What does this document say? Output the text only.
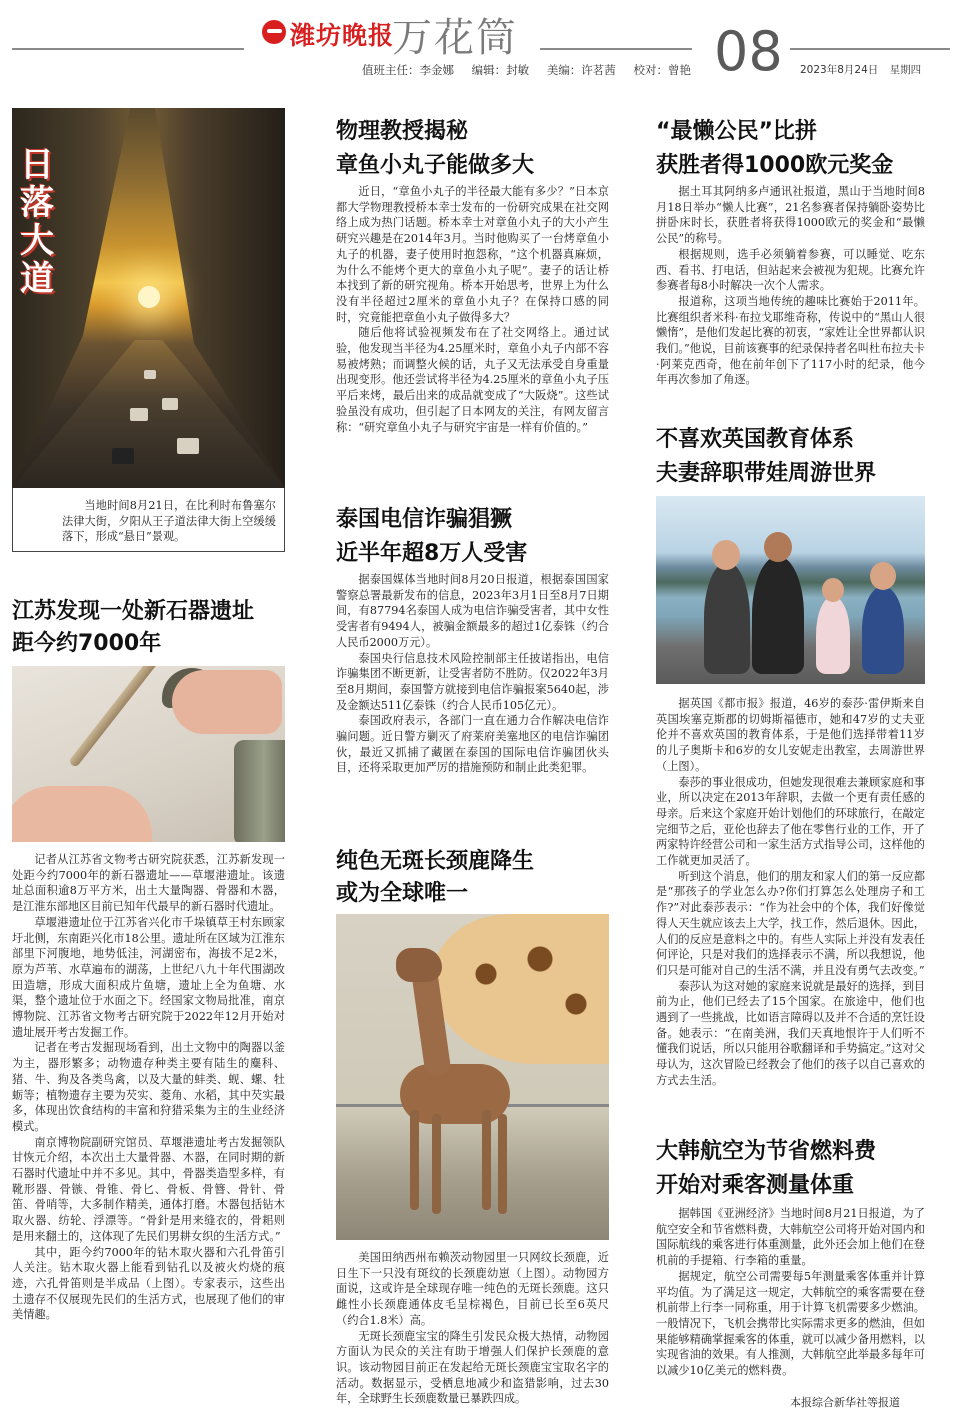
潍坊晚报
万花筒	08
值班主任：李金娜 编辑：封敏 美编：许茗茜 校对：曾艳	2023年8月24日 星期四
日落大道

当地时间8月21日，在比利时布鲁塞尔法律大街，夕阳从王子道法律大街上空缓缓落下，形成“悬日”景观。

江苏发现一处新石器遗址
距今约7000年

记者从江苏省文物考古研究院获悉，江苏新发现一处距今约7000年的新石器遗址——草堰港遗址。该遗址总面积逾8万平方米，出土大量陶器、骨器和木器，是江淮东部地区目前已知年代最早的新石器时代遗址。

草堰港遗址位于江苏省兴化市千垛镇草王村东顾家圩北侧，东南距兴化市18公里。遗址所在区域为江淮东部里下河腹地，地势低洼，河湖密布，海拔不足2米，原为芦苇、水草遍布的湖荡，上世纪八九十年代围湖改田造塘，形成大面积成片鱼塘，遗址上全为鱼塘、水渠，整个遗址位于水面之下。经国家文物局批准，南京博物院、江苏省文物考古研究院于2022年12月开始对遗址展开考古发掘工作。

记者在考古发掘现场看到，出土文物中的陶器以釜为主，器形繁多；动物遗存种类主要有陆生的麋科、猪、牛、狗及各类鸟禽，以及大量的蚌类、蚬、螺、牡蛎等；植物遗存主要为芡实、菱角、水稻，其中芡实最多，体现出饮食结构的丰富和狩猎采集为主的生业经济模式。

南京博物院副研究馆员、草堰港遗址考古发掘领队甘恢元介绍，本次出土大量骨器、木器，在同时期的新石器时代遗址中并不多见。其中，骨器类造型多样，有靴形器、骨镞、骨锥、骨匕、骨板、骨簪、骨针、骨笛、骨哨等，大多制作精美，通体打磨。木器包括钻木取火器、纺轮、浮漂等。“骨針是用来缝衣的，骨耜则是用来翻土的，这体现了先民们男耕女织的生活方式。”

其中，距今约7000年的钻木取火器和六孔骨笛引人关注。钻木取火器上能看到钻孔以及被火灼烧的痕迹，六孔骨笛则是半成品（上图）。专家表示，这些出土遗存不仅展现先民们的生活方式，也展现了他们的审美情趣。

物理教授揭秘
章鱼小丸子能做多大

近日，“章鱼小丸子的半径最大能有多少？”日本京都大学物理教授桥本幸士发布的一份研究成果在社交网络上成为热门话题。桥本幸士对章鱼小丸子的大小产生研究兴趣是在2014年3月。当时他购买了一台烤章鱼小丸子的机器，妻子使用时抱怨称，“这个机器真麻烦，为什么不能烤个更大的章鱼小丸子呢”。妻子的话让桥本找到了新的研究视角。桥本开始思考，世界上为什么没有半径超过2厘米的章鱼小丸子？在保持口感的同时，究竟能把章鱼小丸子做得多大？

随后他将试验视频发布在了社交网络上。通过试验，他发现当半径为4.25厘米时，章鱼小丸子内部不容易被烤熟；而调整火候的话，丸子又无法承受自身重量出现变形。他还尝试将半径为4.25厘米的章鱼小丸子压平后来烤，最后出来的成品就变成了“大阪烧”。这些试验虽没有成功，但引起了日本网友的关注，有网友留言称：“研究章鱼小丸子与研究宇宙是一样有价值的。”

泰国电信诈骗猖獗
近半年超8万人受害

据泰国媒体当地时间8月20日报道，根据泰国国家警察总署最新发布的信息，2023年3月1日至8月7日期间，有87794名泰国人成为电信诈骗受害者，其中女性受害者有9494人，被骗金额最多的超过1亿泰铢（约合人民币2000万元）。

泰国央行信息技术风险控制部主任披诺指出，电信诈骗集团不断更新，让受害者防不胜防。仅2022年3月至8月期间，泰国警方就接到电信诈骗报案5640起，涉及金额达511亿泰铢（约合人民币105亿元）。

泰国政府表示，各部门一直在通力合作解决电信诈骗问题。近日警方剿灭了府莱府美塞地区的电信诈骗团伙，最近又抓捕了藏匿在泰国的国际电信诈骗团伙头目，还将采取更加严厉的措施预防和制止此类犯罪。

纯色无斑长颈鹿降生
或为全球唯一

美国田纳西州布赖茨动物园里一只网纹长颈鹿，近日生下一只没有斑纹的长颈鹿幼崽（上图）。动物园方面说，这或许是全球现存唯一纯色的无斑长颈鹿。这只雌性小长颈鹿通体皮毛呈棕褐色，目前已长至6英尺（约合1.8米）高。

无斑长颈鹿宝宝的降生引发民众极大热情，动物园方面认为民众的关注有助于增强人们保护长颈鹿的意识。该动物园目前正在发起给无斑长颈鹿宝宝取名字的活动。数据显示，受栖息地减少和盗猎影响，过去30年，全球野生长颈鹿数量已暴跌四成。

“最懒公民”比拼
获胜者得1000欧元奖金

据土耳其阿纳多卢通讯社报道，黑山于当地时间8月18日举办“懒人比赛”，21名参赛者保持躺卧姿势比拼卧床时长，获胜者将获得1000欧元的奖金和“最懒公民”的称号。

根据规则，选手必须躺着参赛，可以睡觉、吃东西、看书、打电话，但站起来会被视为犯规。比赛允许参赛者每8小时解决一次个人需求。

报道称，这项当地传统的趣味比赛始于2011年。比赛组织者米科·布拉戈耶维奇称，传说中的“黑山人很懒惰”，是他们发起比赛的初衷，“家姓让全世界都认识我们。”他说，目前该赛事的纪录保持者名叫杜布拉夫卡·阿莱克西奇，他在前年创下了117小时的纪录，他今年再次参加了角逐。

不喜欢英国教育体系
夫妻辞职带娃周游世界

据英国《都市报》报道，46岁的泰莎·雷伊斯来自英国埃塞克斯郡的切姆斯福德市，她和47岁的丈夫亚伦并不喜欢英国的教育体系，于是他们选择带着11岁的儿子奥斯卡和6岁的女儿安妮走出教室，去周游世界（上图）。

泰莎的事业很成功，但她发现很难去兼顾家庭和事业，所以决定在2013年辞职，去做一个更有责任感的母亲。后来这个家庭开始计划他们的环球旅行，在敲定完细节之后，亚伦也辞去了他在零售行业的工作，开了两家特许经营公司和一家生活方式指导公司，这样他的工作就更加灵活了。

听到这个消息，他们的朋友和家人们的第一反应都是“那孩子的学业怎么办?你们打算怎么处理房子和工作?”对此泰莎表示：“作为社会中的个体，我们好像觉得人天生就应该去上大学，找工作，然后退休。因此，人们的反应是意料之中的。有些人实际上并没有发表任何评论，只是对我们的选择表示不满，所以我想说，他们只是可能对自己的生活不满，并且没有勇气去改变。”

泰莎认为这对她的家庭来说就是最好的选择，到目前为止，他们已经去了15个国家。在旅途中，他们也遇到了一些挑战，比如语言障碍以及并不合适的烹饪设备。她表示：“在南美洲，我们天真地恨许于人们听不懂我们说话，所以只能用谷歌翻译和手势搞定。”这对父母认为，这次冒险已经教会了他们的孩子以自己喜欢的方式去生活。

大韩航空为节省燃料费
开始对乘客测量体重

据韩国《亚洲经济》当地时间8月21日报道，为了航空安全和节省燃料费，大韩航空公司将开始对国内和国际航线的乘客进行体重测量，此外还会加上他们在登机前的手提箱、行李箱的重量。

据规定，航空公司需要每5年测量乘客体重并计算平均值。为了满足这一规定，大韩航空的乘客需要在登机前带上行李一同称重，用于计算飞机需要多少燃油。一般情况下，飞机会携带比实际需求更多的燃油，但如果能够精确掌握乘客的体重，就可以减少备用燃料，以实现省油的效果。有人推测，大韩航空此举最多每年可以减少10亿美元的燃料费。

本报综合新华社等报道
